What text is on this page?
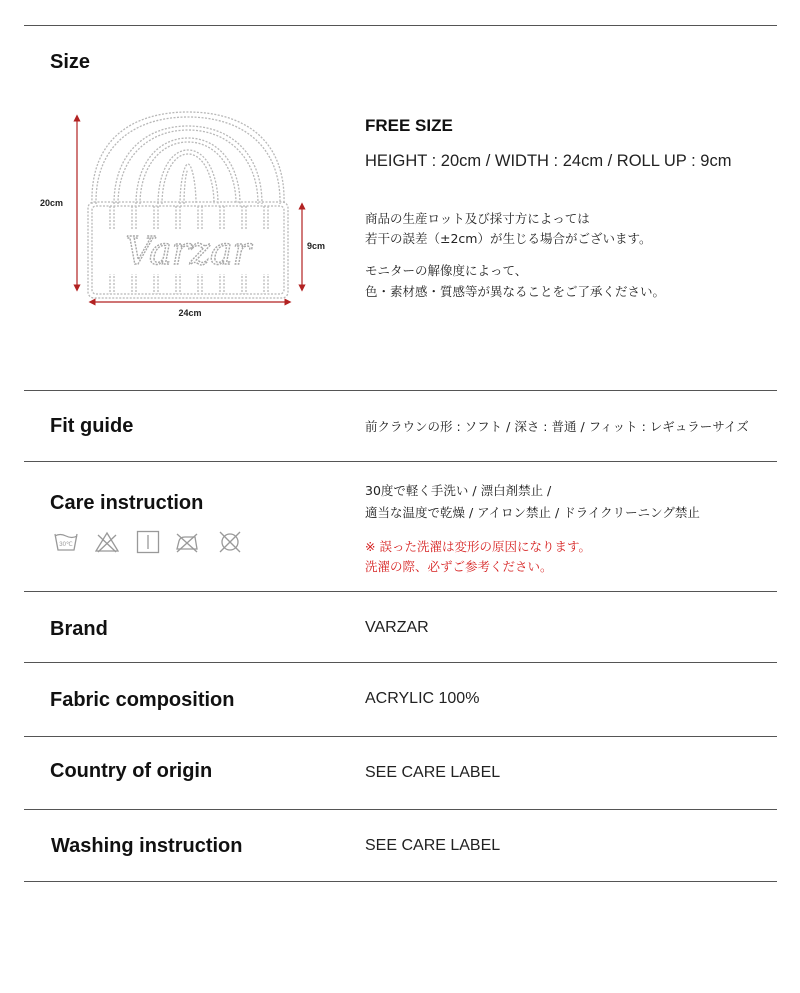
Size
Varzar
20cm
9cm
24cm
FREE SIZE
HEIGHT : 20cm / WIDTH : 24cm / ROLL UP : 9cm
商品の生産ロット及び採寸方によっては
若干の誤差（±2cm）が生じる場合がございます。
モニターの解像度によって、
色・素材感・質感等が異なることをご了承ください。
Fit guide	前クラウンの形 : ソフト / 深さ : 普通 / フィット : レギュラーサイズ
Care instruction
30℃
30度で軽く手洗い / 漂白剤禁止 /
適当な温度で乾燥 / アイロン禁止 / ドライクリーニング禁止
※ 誤った洗濯は変形の原因になります。
洗濯の際、必ずご参考ください。
Brand	VARZAR
Fabric composition	ACRYLIC 100%
Country of origin	SEE CARE LABEL
Washing instruction	SEE CARE LABEL
